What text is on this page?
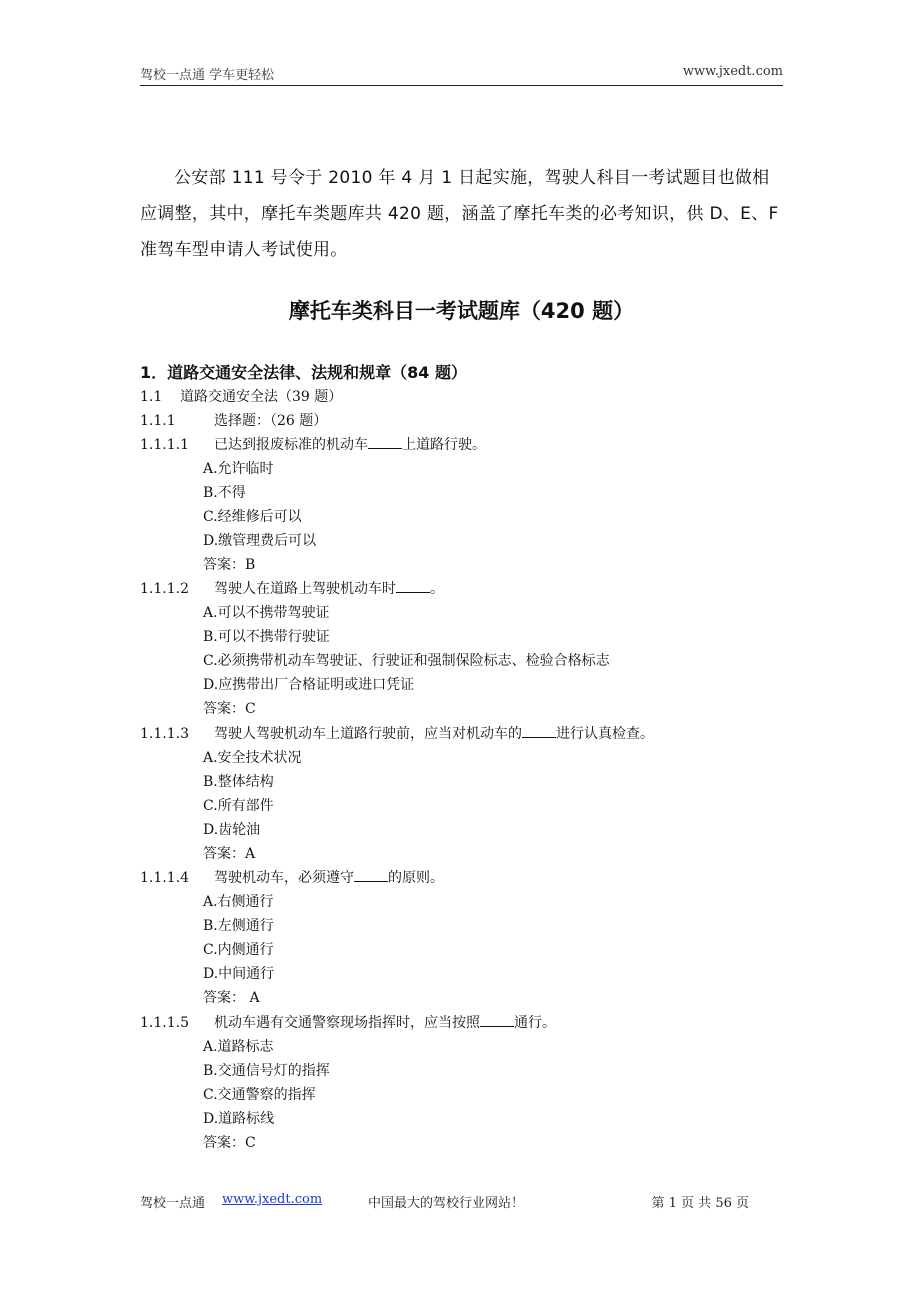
驾校一点通 学车更轻松	www.jxedt.com
公安部 111 号令于 2010 年 4 月 1 日起实施，驾驶人科目一考试题目也做相应调整，其中，摩托车类题库共 420 题，涵盖了摩托车类的必考知识，供 D、E、F 准驾车型申请人考试使用。
摩托车类科目一考试题库（420 题）
1．道路交通安全法律、法规和规章（84 题）
1.1 道路交通安全法（39 题）
1.1.1	选择题：（26 题）
1.1.1.1 已达到报废标准的机动车 上道路行驶。
A.允许临时
B.不得
C.经维修后可以
D.缴管理费后可以
答案：B
1.1.1.2 驾驶人在道路上驾驶机动车时 。
A.可以不携带驾驶证
B.可以不携带行驶证
C.必须携带机动车驾驶证、行驶证和强制保险标志、检验合格标志
D.应携带出厂合格证明或进口凭证
答案：C
1.1.1.3 驾驶人驾驶机动车上道路行驶前，应当对机动车的 进行认真检查。
A.安全技术状况
B.整体结构
C.所有部件
D.齿轮油
答案：A
1.1.1.4 驾驶机动车，必须遵守 的原则。
A.右侧通行
B.左侧通行
C.内侧通行
D.中间通行
答案： A
1.1.1.5 机动车遇有交通警察现场指挥时，应当按照 通行。
A.道路标志
B.交通信号灯的指挥
C.交通警察的指挥
D.道路标线
答案：C
驾校一点通 www.jxedt.com	中国最大的驾校行业网站！	第 1 页 共 56 页
